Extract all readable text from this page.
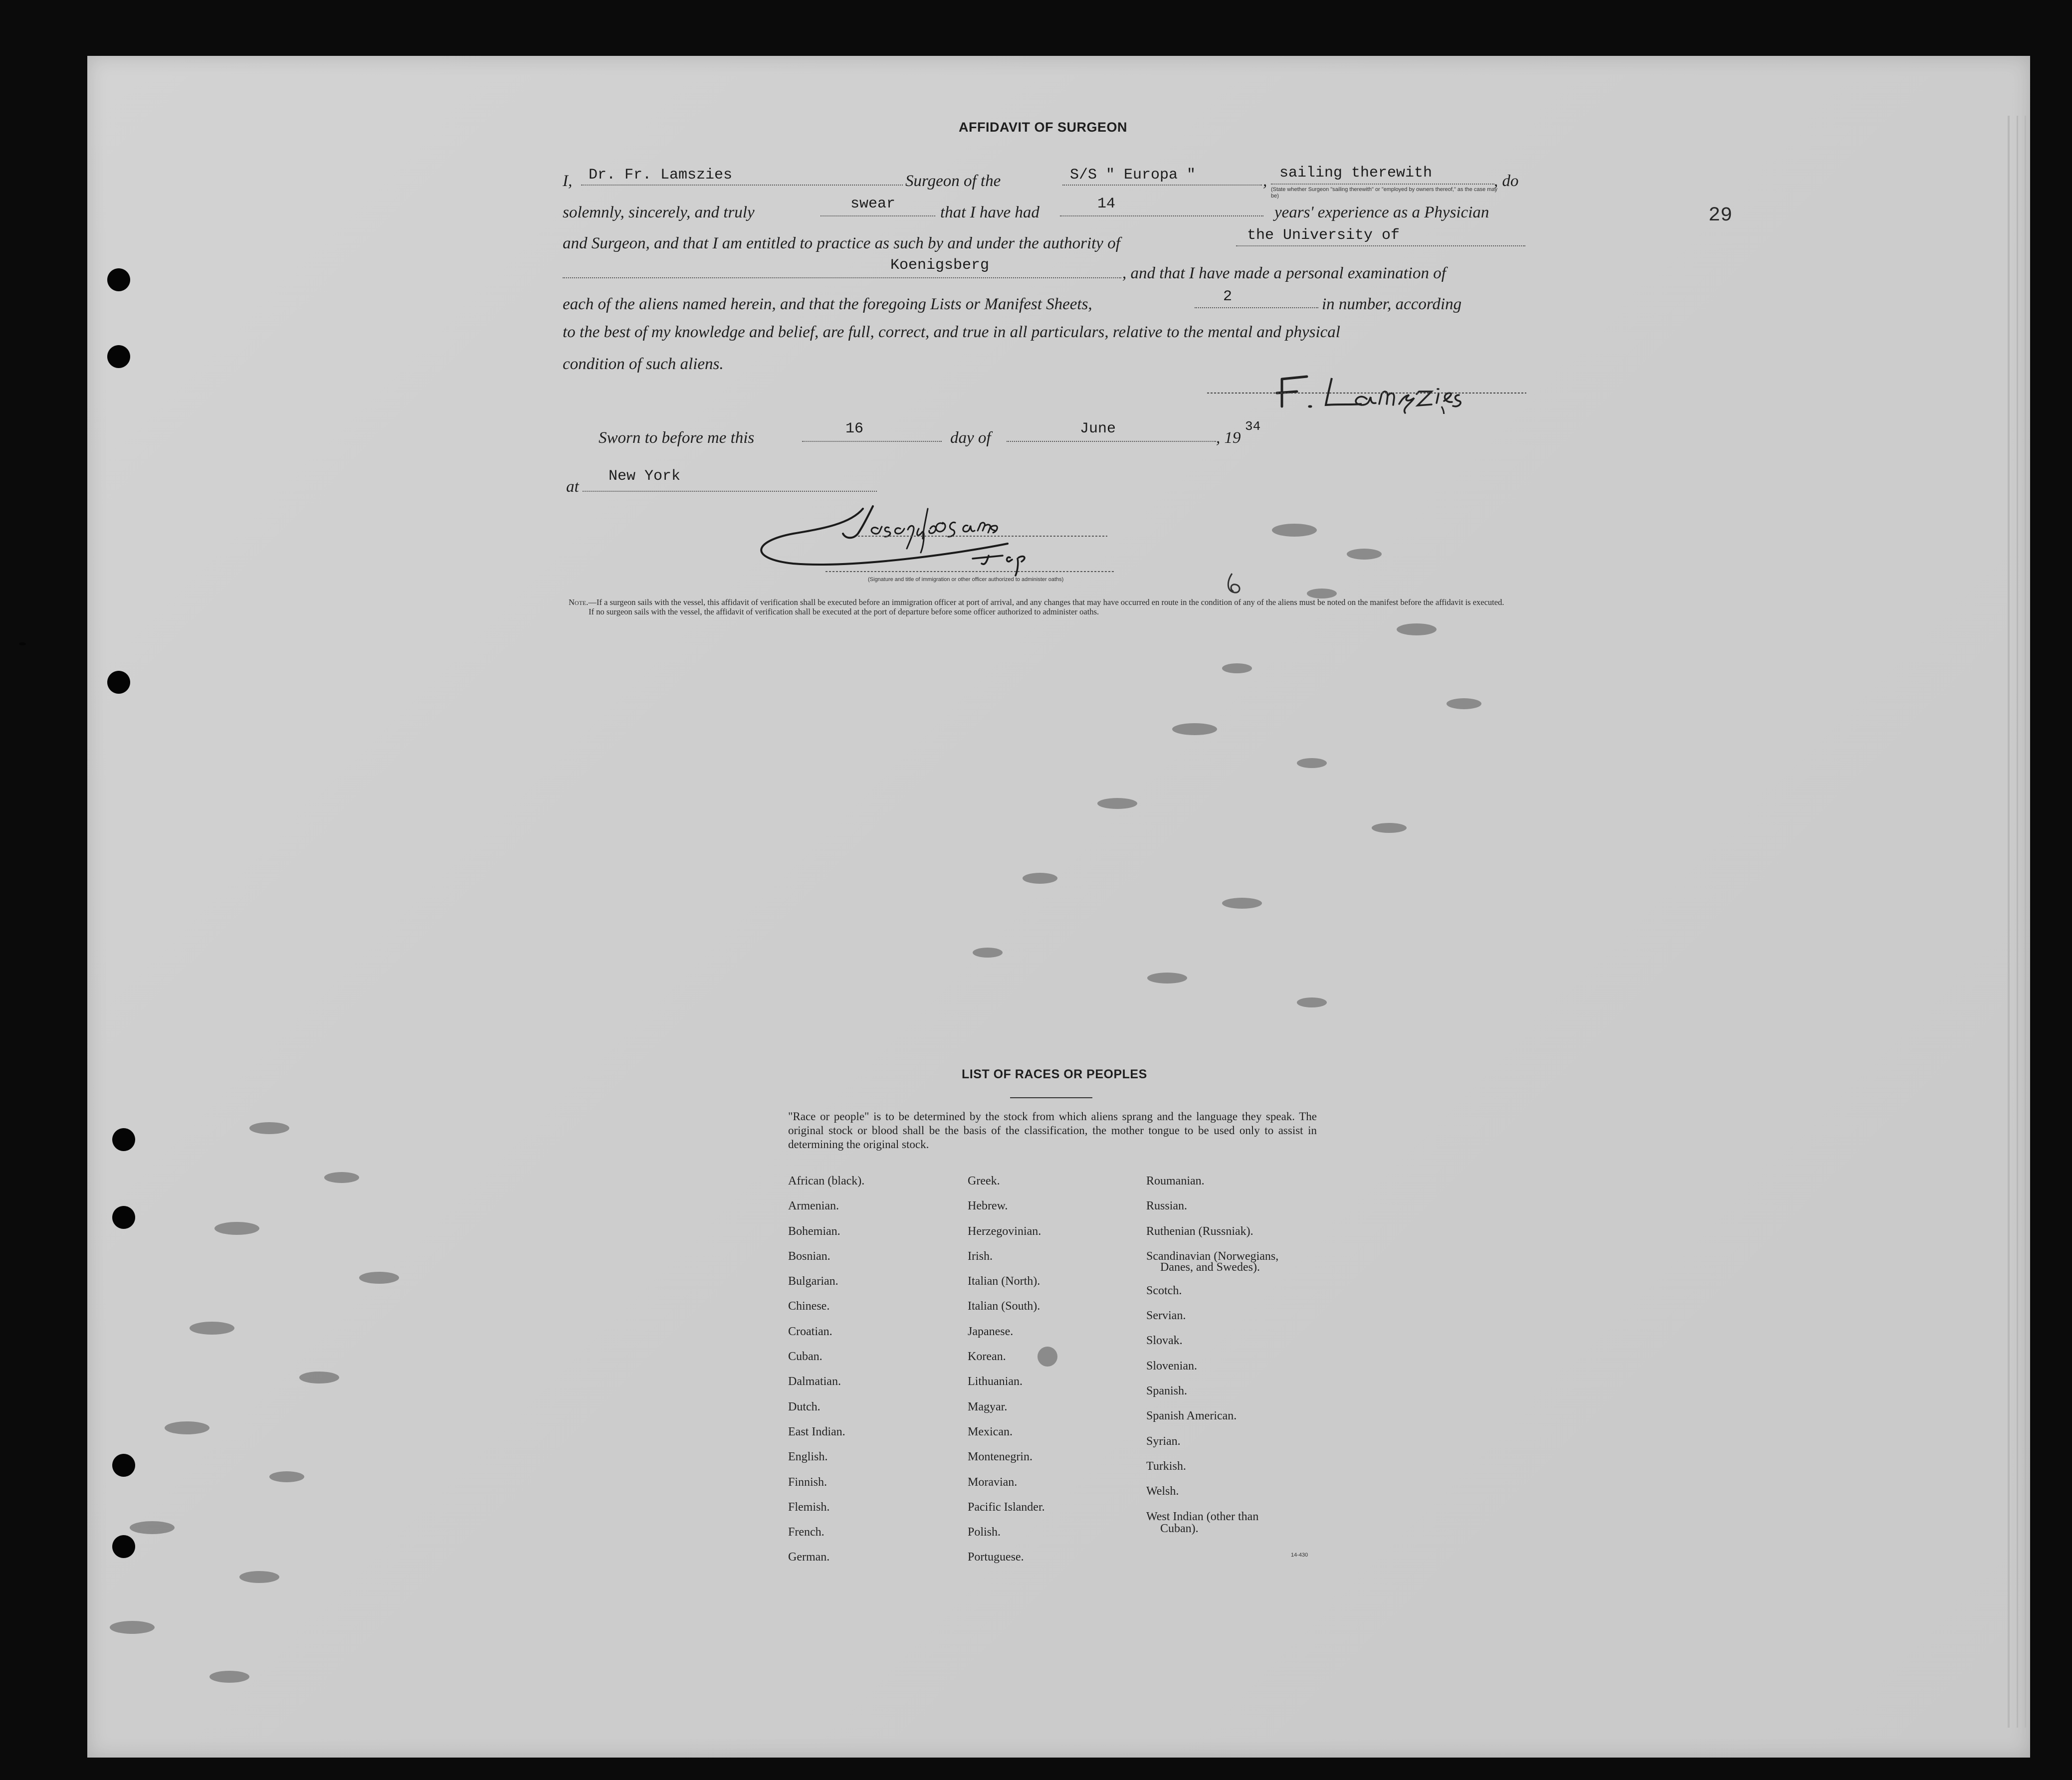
AFFIDAVIT OF SURGEON
29
I, Dr. Fr. Lamszies	Surgeon of the	S/S " Europa "	, sailing therewith	, do
(State whether Surgeon "sailing therewith" or "employed by owners thereof," as the case may be)
solemnly, sincerely, and truly	swear	that I have had	14	years' experience as a Physician
and Surgeon, and that I am entitled to practice as such by and under the authority of	the University of
Koenigsberg	, and that I have made a personal examination of
each of the aliens named herein, and that the foregoing Lists or Manifest Sheets,	2	in number, according
to the best of my knowledge and belief, are full, correct, and true in all particulars, relative to the mental and physical
condition of such aliens.
Sworn to before me this	16	day of	June	, 19
34
at
New York
(Signature and title of immigration or other officer authorized to administer oaths)

Note.—If a surgeon sails with the vessel, this affidavit of verification shall be executed before an immigration officer at port of arrival, and any changes that may have occurred en route in the condition of any of the aliens must be noted on the manifest before the affidavit is executed.

If no surgeon sails with the vessel, the affidavit of verification shall be executed at the port of departure before some officer authorized to administer oaths.

LIST OF RACES OR PEOPLES
"Race or people" is to be determined by the stock from which aliens sprang and the language they speak. The original stock or blood shall be the basis of the classification, the mother tongue to be used only to assist in determining the original stock.
African (black).
Armenian.
Bohemian.
Bosnian.
Bulgarian.
Chinese.
Croatian.
Cuban.
Dalmatian.
Dutch.
East Indian.
English.
Finnish.
Flemish.
French.
German.
Greek.
Hebrew.
Herzegovinian.
Irish.
Italian (North).
Italian (South).
Japanese.
Korean.
Lithuanian.
Magyar.
Mexican.
Montenegrin.
Moravian.
Pacific Islander.
Polish.
Portuguese.
Roumanian.
Russian.
Ruthenian (Russniak).
Scandinavian (Norwegians,
Danes, and Swedes).
Scotch.
Servian.
Slovak.
Slovenian.
Spanish.
Spanish American.
Syrian.
Turkish.
Welsh.
West Indian (other than
Cuban).
14-430
